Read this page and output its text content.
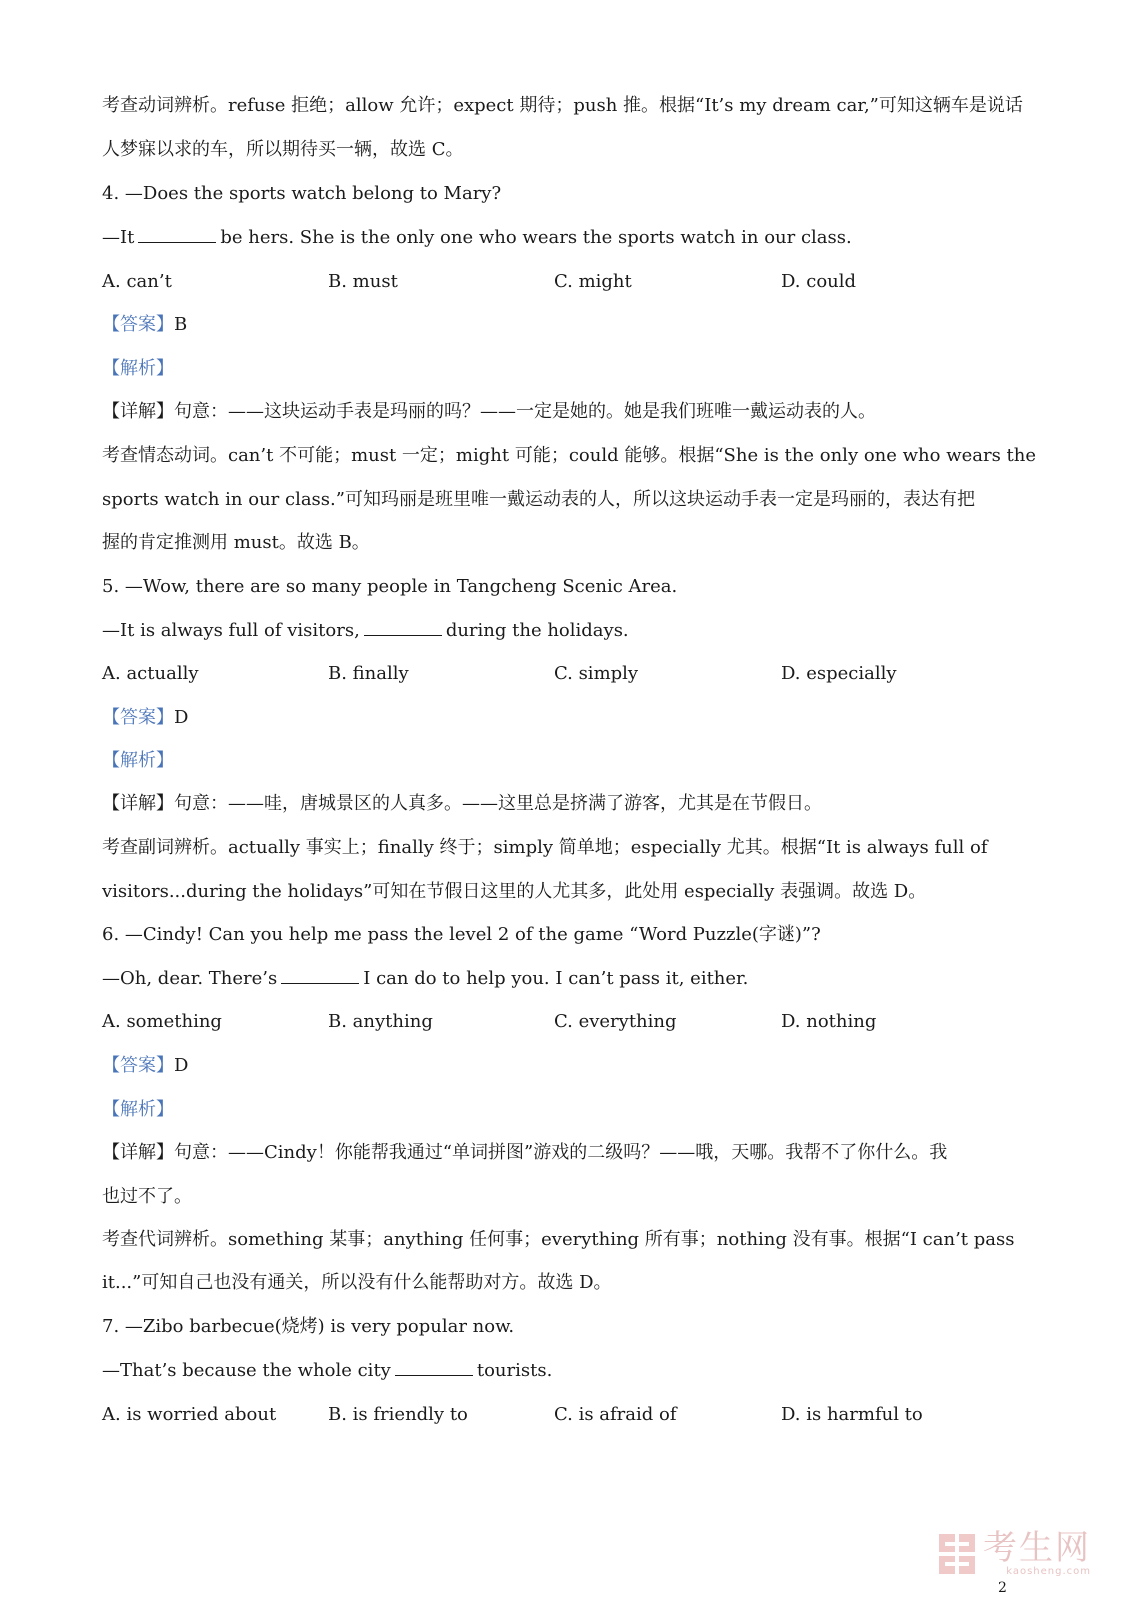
考查动词辨析。refuse 拒绝；allow 允许；expect 期待；push 推。根据“It’s my dream car,”可知这辆车是说话
人梦寐以求的车，所以期待买一辆，故选 C。
4. —Does the sports watch belong to Mary?
—It	be hers. She is the only one who wears the sports watch in our class.
A. can’t	B. must	C. might	D. could
【答案】B
【解析】
【详解】句意：——这块运动手表是玛丽的吗？——一定是她的。她是我们班唯一戴运动表的人。
考查情态动词。can’t 不可能；must 一定；might 可能；could 能够。根据“She is the only one who wears the
sports watch in our class.”可知玛丽是班里唯一戴运动表的人，所以这块运动手表一定是玛丽的，表达有把
握的肯定推测用 must。故选 B。
5. —Wow, there are so many people in Tangcheng Scenic Area.
—It is always full of visitors,	during the holidays.
A. actually	B. finally	C. simply	D. especially
【答案】D
【解析】
【详解】句意：——哇，唐城景区的人真多。——这里总是挤满了游客，尤其是在节假日。
考查副词辨析。actually 事实上；finally 终于；simply 简单地；especially 尤其。根据“It is always full of
visitors...during the holidays”可知在节假日这里的人尤其多，此处用 especially 表强调。故选 D。
6. —Cindy! Can you help me pass the level 2 of the game “Word Puzzle(字谜)”?
—Oh, dear. There’s	I can do to help you. I can’t pass it, either.
A. something	B. anything	C. everything	D. nothing
【答案】D
【解析】
【详解】句意：——Cindy！你能帮我通过“单词拼图”游戏的二级吗？——哦，天哪。我帮不了你什么。我
也过不了。
考查代词辨析。something 某事；anything 任何事；everything 所有事；nothing 没有事。根据“I can’t pass
it...”可知自己也没有通关，所以没有什么能帮助对方。故选 D。
7. —Zibo barbecue(烧烤) is very popular now.
—That’s because the whole city	tourists.
A. is worried about	B. is friendly to	C. is afraid of	D. is harmful to
考生网
kaosheng.com
2
